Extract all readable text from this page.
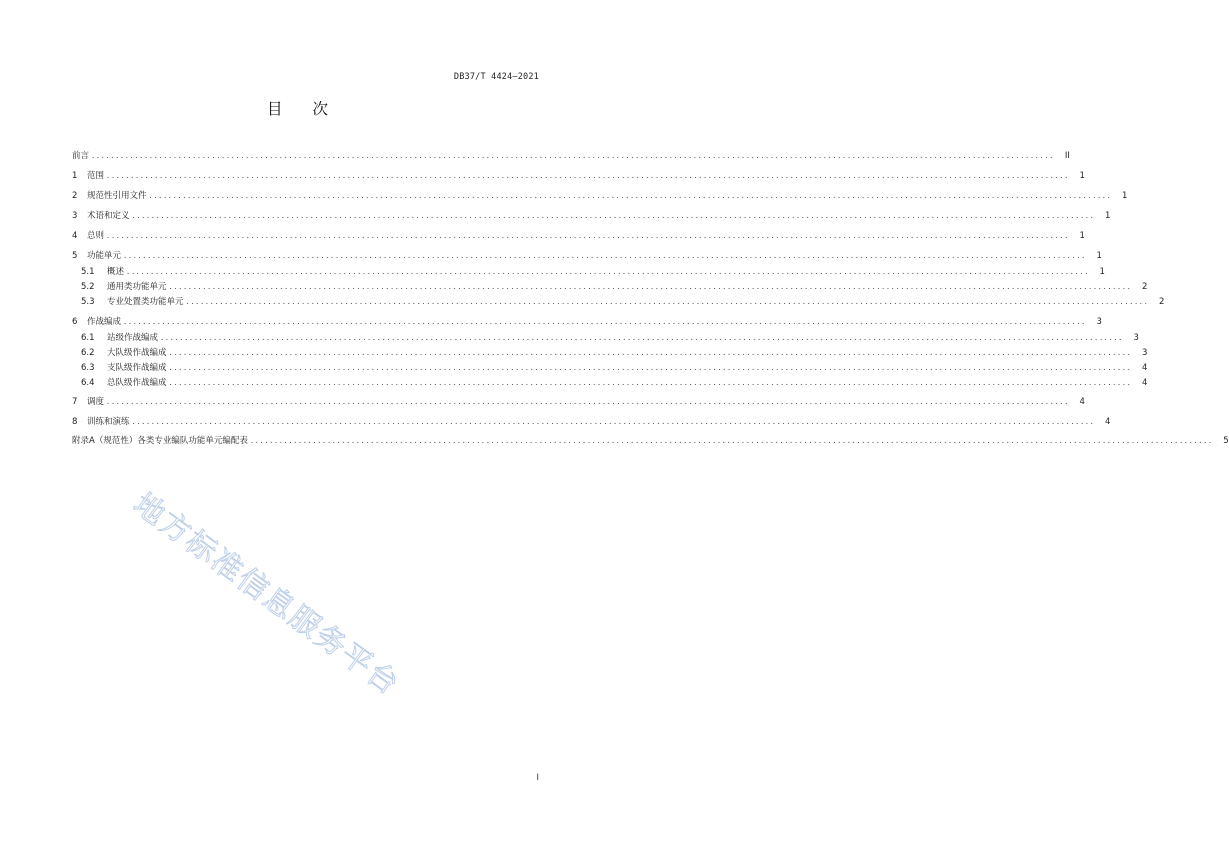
DB37/T 4424—2021
目次
前言 ........................................................................................................................................................................................................	II
1	范围 ........................................................................................................................................................................................................	1
2	规范性引用文件 ........................................................................................................................................................................................................	1
3	术语和定义 ........................................................................................................................................................................................................	1
4	总则 ........................................................................................................................................................................................................	1
5	功能单元 ........................................................................................................................................................................................................	1
5.1	概述 ........................................................................................................................................................................................................	1
5.2	通用类功能单元 ........................................................................................................................................................................................................	2
5.3	专业处置类功能单元 ........................................................................................................................................................................................................	2
6	作战编成 ........................................................................................................................................................................................................	3
6.1	站级作战编成 ........................................................................................................................................................................................................	3
6.2	大队级作战编成 ........................................................................................................................................................................................................	3
6.3	支队级作战编成 ........................................................................................................................................................................................................	4
6.4	总队级作战编成 ........................................................................................................................................................................................................	4
7	调度 ........................................................................................................................................................................................................	4
8	训练和演练 ........................................................................................................................................................................................................	4
附录A（规范性）各类专业编队功能单元编配表 ........................................................................................................................................................................................................	5
地方标准信息服务平台
I
